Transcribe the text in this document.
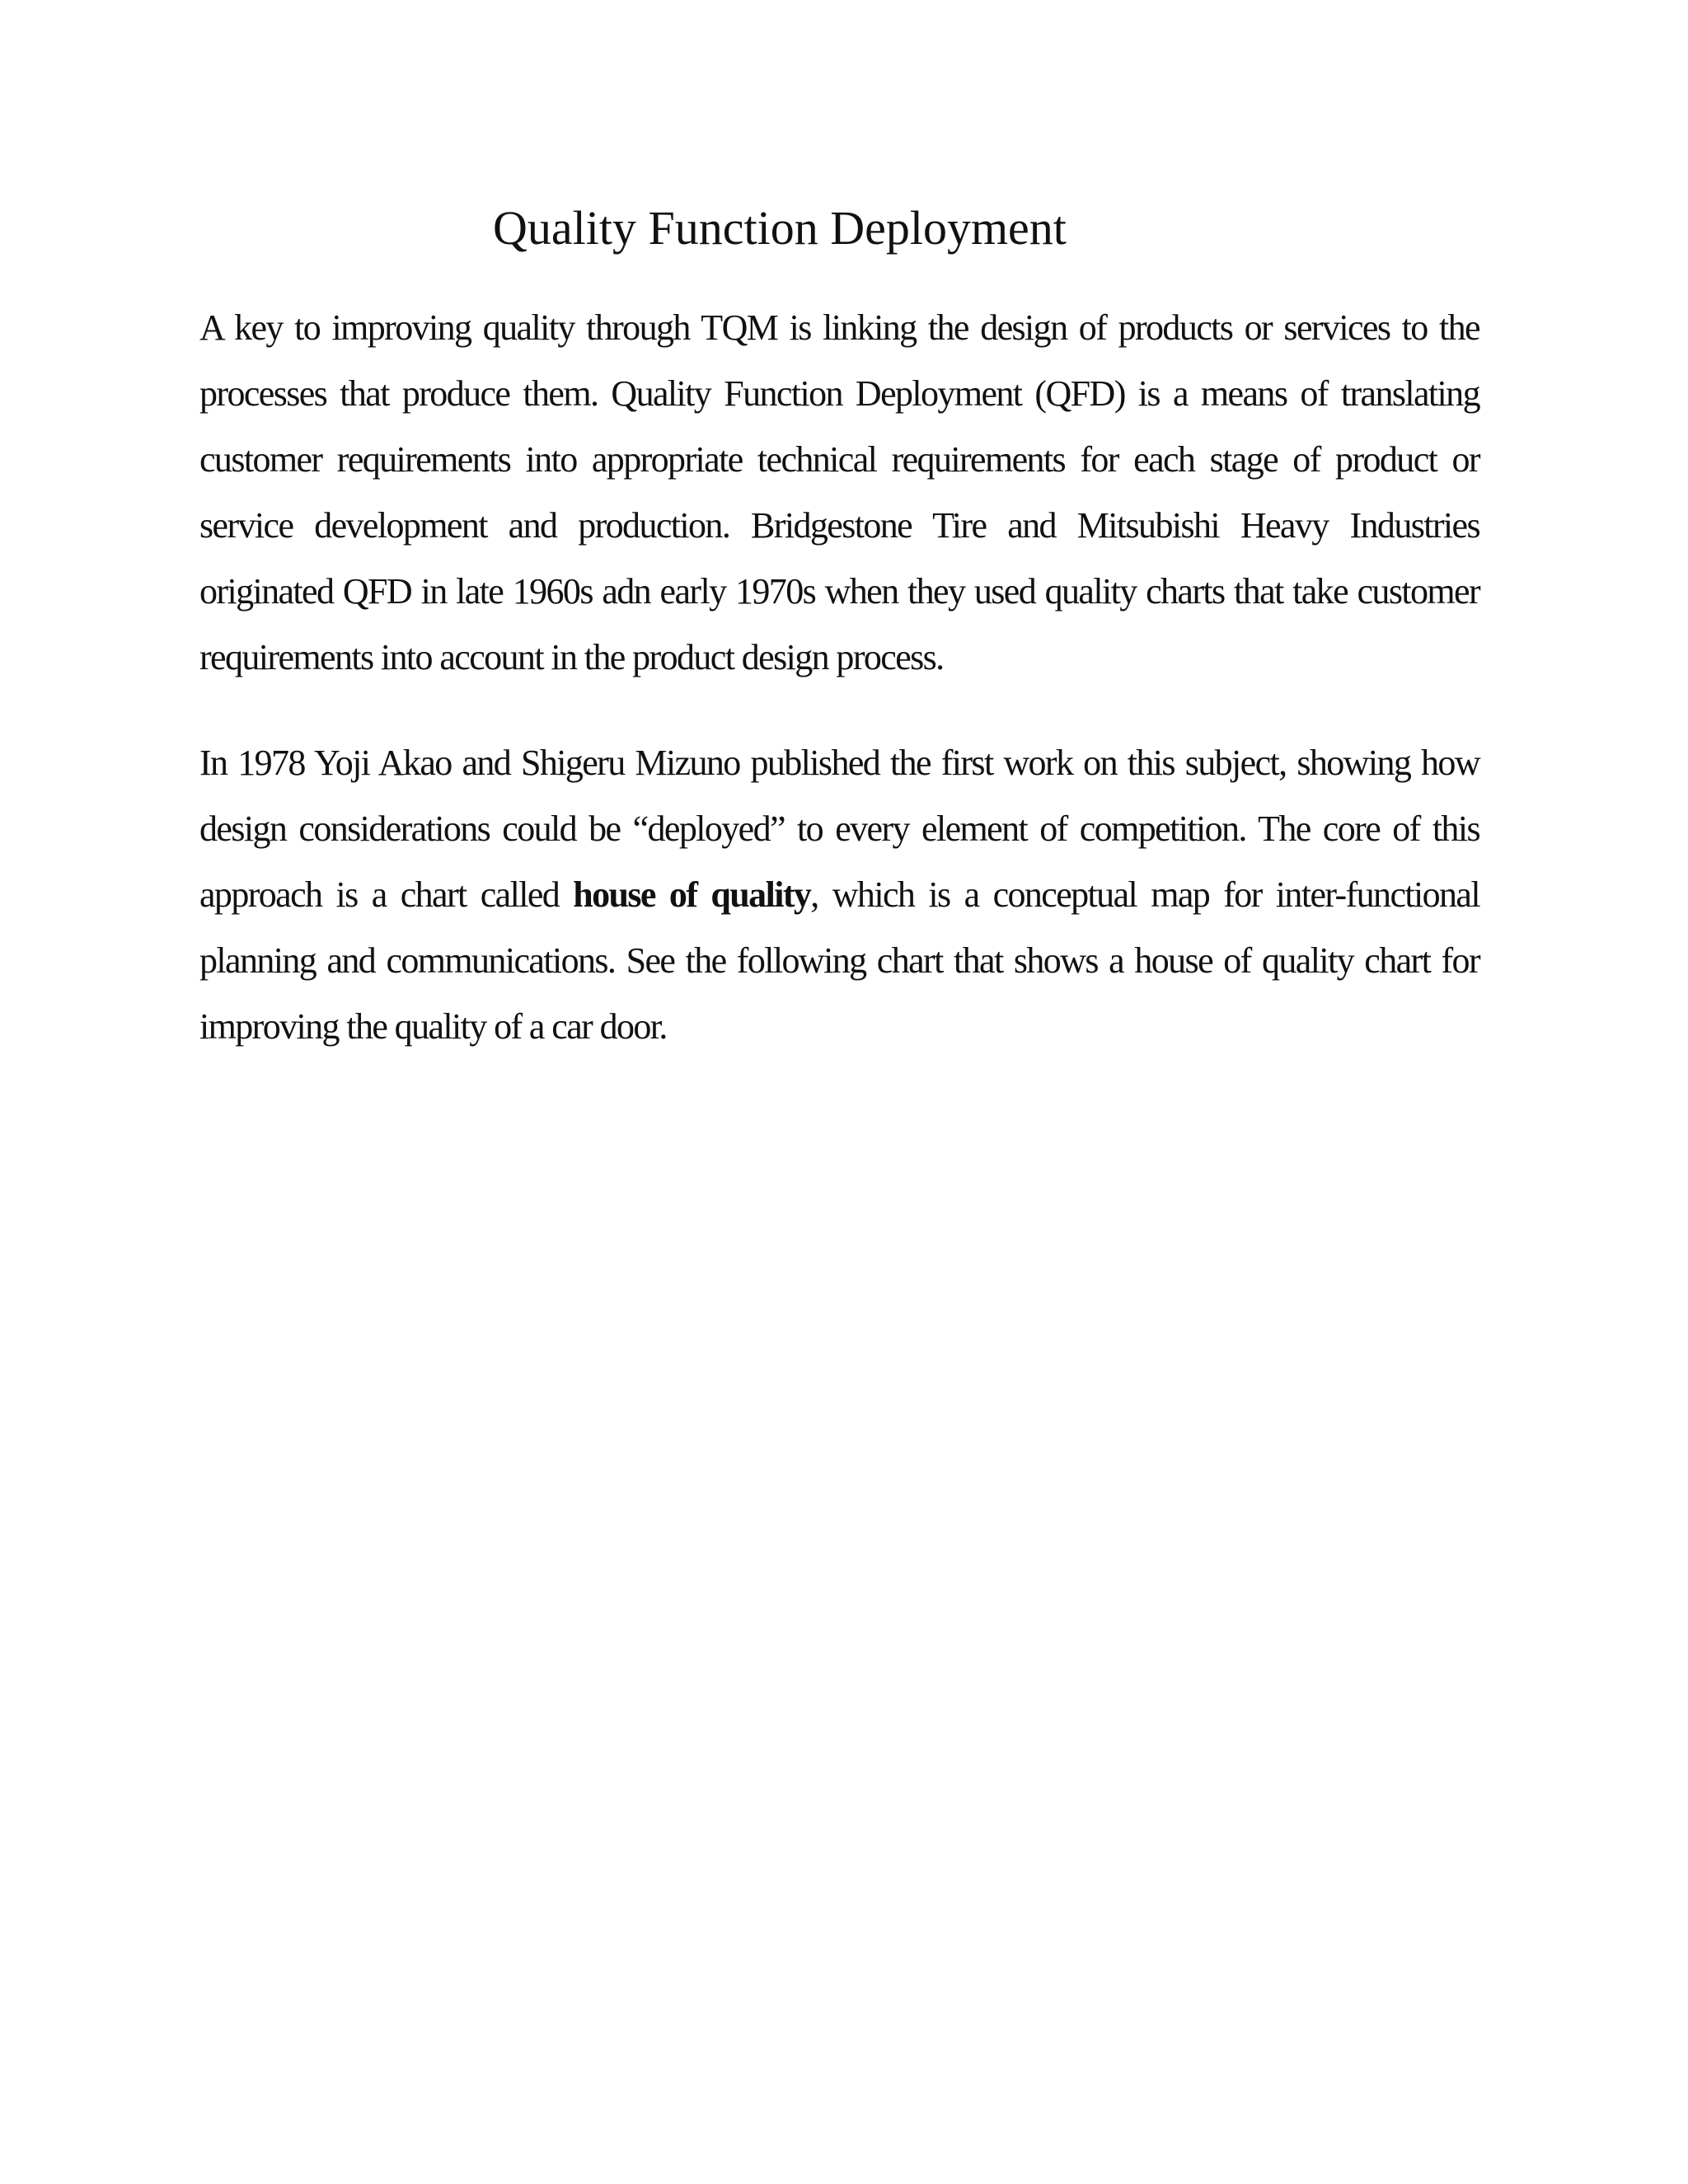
Quality Function Deployment

A key to improving quality through TQM is linking the design of products or services to the processes that produce them. Quality Function Deployment (QFD) is a means of translating customer requirements into appropriate technical requirements for each stage of product or service development and production. Bridgestone Tire and Mitsubishi Heavy Industries originated QFD in late 1960s adn early 1970s when they used quality charts that take customer requirements into account in the product design process.

In 1978 Yoji Akao and Shigeru Mizuno published the first work on this subject, showing how design considerations could be “deployed” to every element of competition. The core of this approach is a chart called house of quality, which is a conceptual map for inter-functional planning and communications. See the following chart that shows a house of quality chart for improving the quality of a car door.
